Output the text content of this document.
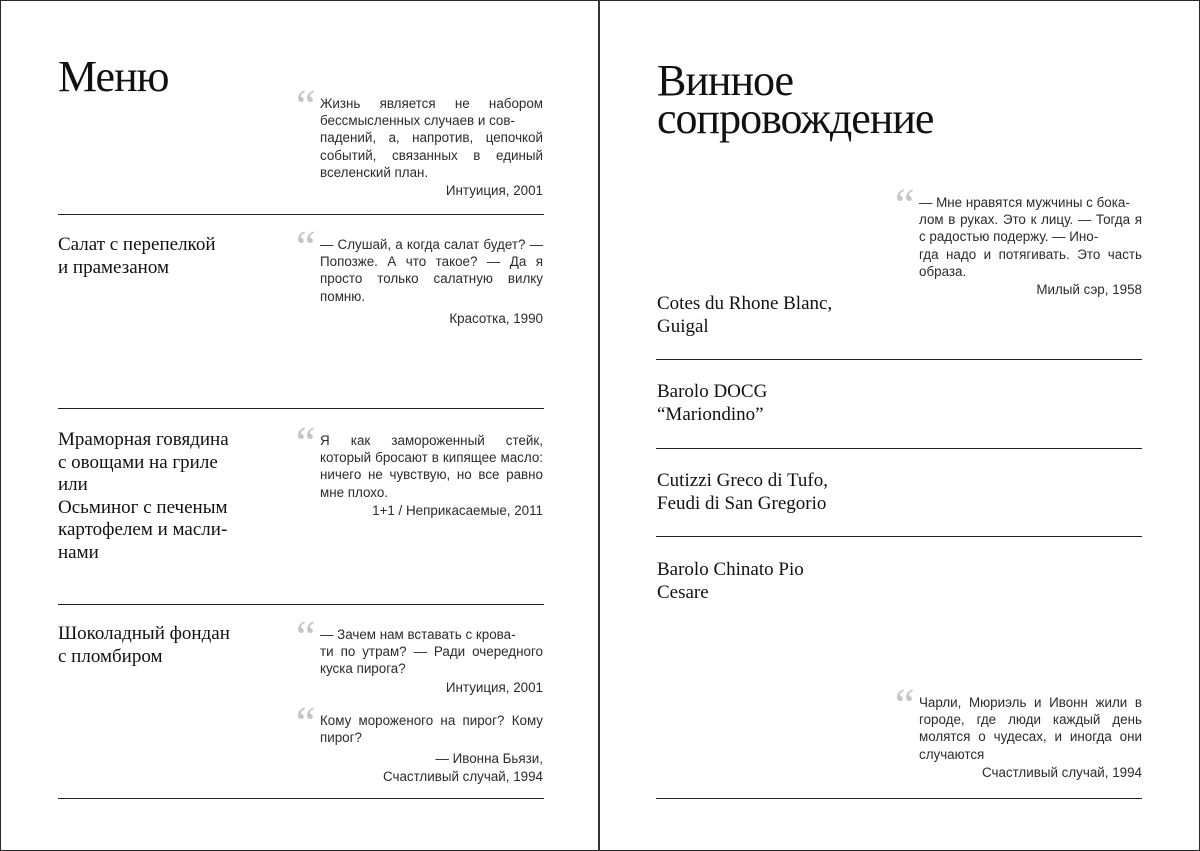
Меню
“ Жизнь является не набором бессмысленных случаев и сов-
падений, а, напротив, цепочкой событий, связанных в единый вселенский план.
Интуиция, 2001
Салат с перепелкой
и прамезаном	“ — Слушай, а когда салат будет? — Попозже. А что такое? — Да я просто только салатную вилку помню.
Красотка, 1990
Мраморная говядина
с овощами на гриле
или
Осьминог с печеным
картофелем и масли-
нами
“ Я как замороженный стейк, который бросают в кипящее масло: ничего не чувствую, но все равно мне плохо.
1+1 / Неприкасаемые, 2011
Шоколадный фондан
с пломбиром	“ — Зачем нам вставать с крова-
ти по утрам? — Ради очередного куска пирога?
Интуиция, 2001
“ Кому мороженого на пирог? Кому пирог?
— Ивонна Бьязи,
Счастливый случай, 1994
Винное
сопровождение
“ — Мне нравятся мужчины с бока-
лом в руках. Это к лицу. — Тогда я с радостью подержу. — Ино-
гда надо и потягивать. Это часть образа.
Милый сэр, 1958
Cotes du Rhone Blanc,
Guigal
Barolo DOCG
“Mariondino”
Cutizzi Greco di Tufo,
Feudi di San Gregorio
Barolo Chinato Pio
Cesare
“ Чарли, Мюриэль и Ивонн жили в городе, где люди каждый день молятся о чудесах, и иногда они случаются
Счастливый случай, 1994
